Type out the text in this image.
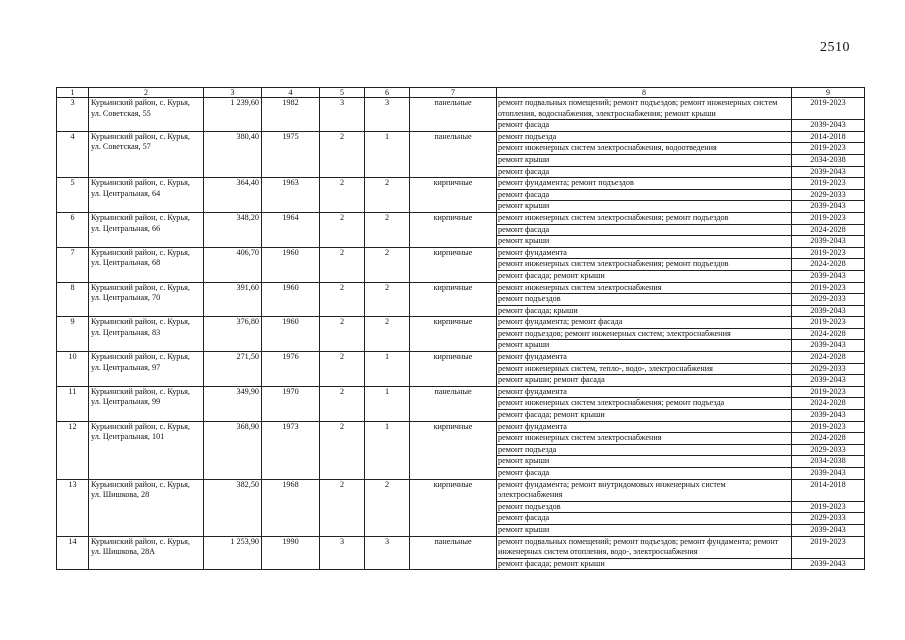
2510
1	2	3	4	5	6	7	8	9
3	Курьинский район, с. Курья, ул. Советская, 55	1 239,60	1982	3	3	панельные	ремонт подвальных помещений; ремонт подъездов; ремонт инженерных систем отопления, водоснабжения, электроснабжения; ремонт крыши	2019-2023
							ремонт фасада	2039-2043
4	Курьинский район, с. Курья, ул. Советская, 57	380,40	1975	2	1	панельные	ремонт подъезда	2014-2018
							ремонт инженерных систем электроснабжения, водоотведения	2019-2023
							ремонт крыши	2034-2038
							ремонт фасада	2039-2043
5	Курьинский район, с. Курья, ул. Центральная, 64	364,40	1963	2	2	кирпичные	ремонт фундамента; ремонт подъездов	2019-2023
							ремонт фасада	2029-2033
							ремонт крыши	2039-2043
6	Курьинский район, с. Курья, ул. Центральная, 66	348,20	1964	2	2	кирпичные	ремонт инженерных систем электроснабжения; ремонт подъездов	2019-2023
							ремонт фасада	2024-2028
							ремонт крыши	2039-2043
7	Курьинский район, с. Курья, ул. Центральная, 68	406,70	1960	2	2	кирпичные	ремонт фундамента	2019-2023
							ремонт инженерных систем электроснабжения; ремонт подъездов	2024-2028
							ремонт фасада; ремонт крыши	2039-2043
8	Курьинский район, с. Курья, ул. Центральная, 70	391,60	1960	2	2	кирпичные	ремонт инженерных систем электроснабжения	2019-2023
							ремонт подъездов	2029-2033
							ремонт фасада; крыши	2039-2043
9	Курьинский район, с. Курья, ул. Центральная, 83	376,80	1960	2	2	кирпичные	ремонт фундамента; ремонт фасада	2019-2023
							ремонт подъездов; ремонт инженерных систем; электроснабжения	2024-2028
							ремонт крыши	2039-2043
10	Курьинский район, с. Курья, ул. Центральная, 97	271,50	1976	2	1	кирпичные	ремонт фундамента	2024-2028
							ремонт инженерных систем, тепло-, водо-, электроснабжения	2029-2033
							ремонт крыши; ремонт фасада	2039-2043
11	Курьинский район, с. Курья, ул. Центральная, 99	349,90	1970	2	1	панельные	ремонт фундамента	2019-2023
							ремонт инженерных систем электроснабжения; ремонт подъезда	2024-2028
							ремонт фасада; ремонт крыши	2039-2043
12	Курьинский район, с. Курья, ул. Центральная, 101	368,90	1973	2	1	кирпичные	ремонт фундамента	2019-2023
							ремонт инженерных систем электроснабжения	2024-2028
							ремонт подъезда	2029-2033
							ремонт крыши	2034-2038
							ремонт фасада	2039-2043
13	Курьинский район, с. Курья, ул. Шишкова, 28	382,50	1968	2	2	кирпичные	ремонт фундамента; ремонт внутридомовых инженерных систем электроснабжения	2014-2018
							ремонт подъездов	2019-2023
							ремонт фасада	2029-2033
							ремонт крыши	2039-2043
14	Курьинский район, с. Курья, ул. Шишкова, 28А	1 253,90	1990	3	3	панельные	ремонт подвальных помещений; ремонт подъездов; ремонт фундамента; ремонт инженерных систем отопления, водо-, электроснабжения	2019-2023
							ремонт фасада; ремонт крыши	2039-2043
